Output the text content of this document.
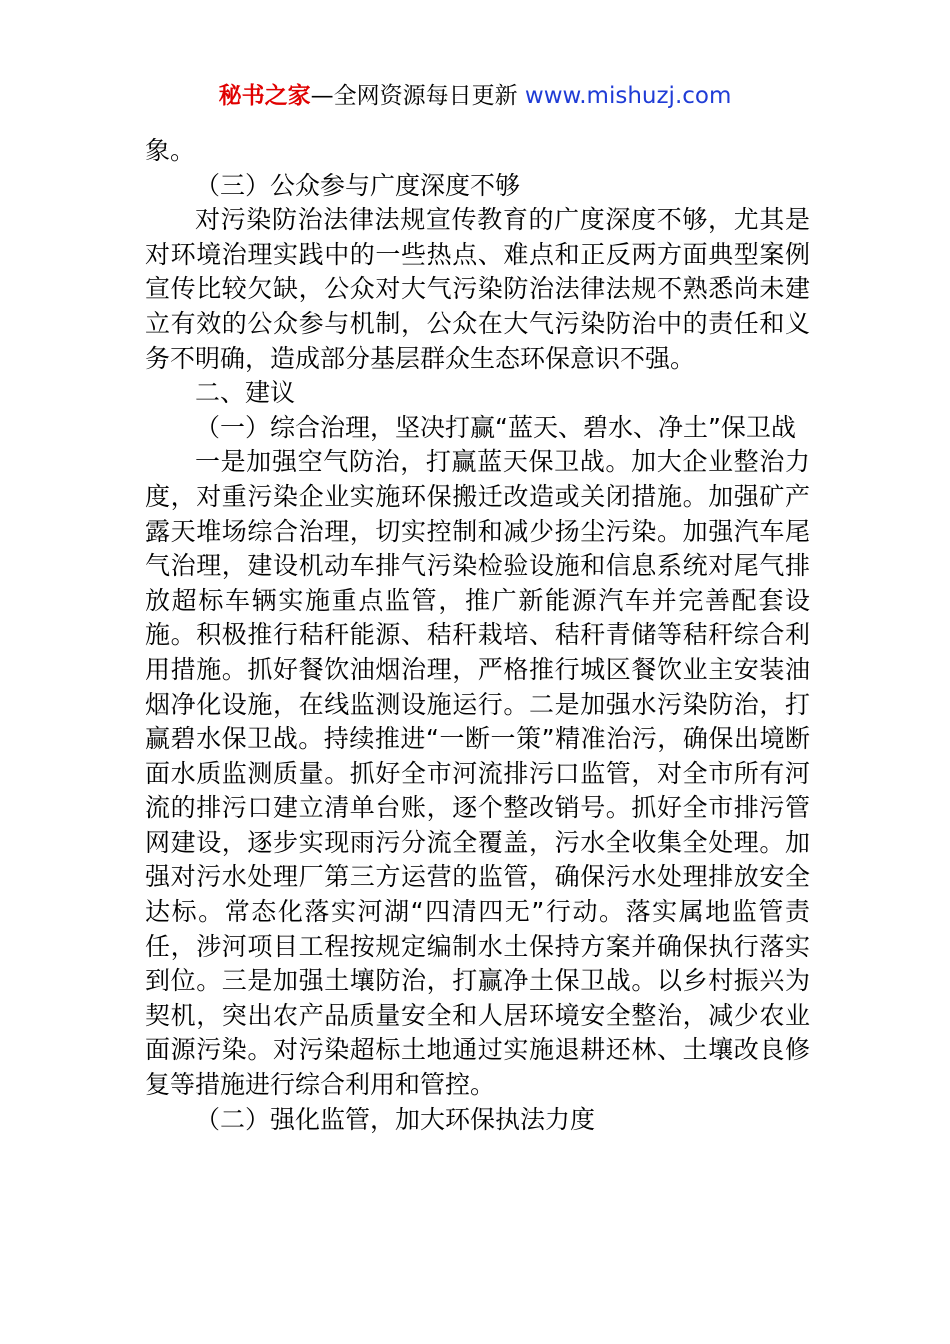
秘书之家—全网资源每日更新 www.mishuzj.com

象。

（三）公众参与广度深度不够

对污染防治法律法规宣传教育的广度深度不够，尤其是对环境治理实践中的一些热点、难点和正反两方面典型案例宣传比较欠缺，公众对大气污染防治法律法规不熟悉尚未建立有效的公众参与机制，公众在大气污染防治中的责任和义务不明确，造成部分基层群众生态环保意识不强。

二、建议

（一）综合治理，坚决打赢“蓝天、碧水、净土”保卫战

一是加强空气防治，打赢蓝天保卫战。加大企业整治力度，对重污染企业实施环保搬迁改造或关闭措施。加强矿产露天堆场综合治理，切实控制和减少扬尘污染。加强汽车尾气治理，建设机动车排气污染检验设施和信息系统对尾气排放超标车辆实施重点监管，推广新能源汽车并完善配套设施。积极推行秸秆能源、秸秆栽培、秸秆青储等秸秆综合利用措施。抓好餐饮油烟治理，严格推行城区餐饮业主安装油烟净化设施，在线监测设施运行。二是加强水污染防治，打赢碧水保卫战。持续推进“一断一策”精准治污，确保出境断面水质监测质量。抓好全市河流排污口监管，对全市所有河流的排污口建立清单台账，逐个整改销号。抓好全市排污管网建设，逐步实现雨污分流全覆盖，污水全收集全处理。加强对污水处理厂第三方运营的监管，确保污水处理排放安全达标。常态化落实河湖“四清四无”行动。落实属地监管责任，涉河项目工程按规定编制水土保持方案并确保执行落实到位。三是加强土壤防治，打赢净土保卫战。以乡村振兴为契机，突出农产品质量安全和人居环境安全整治，减少农业面源污染。对污染超标土地通过实施退耕还林、土壤改良修复等措施进行综合利用和管控。

（二）强化监管，加大环保执法力度
